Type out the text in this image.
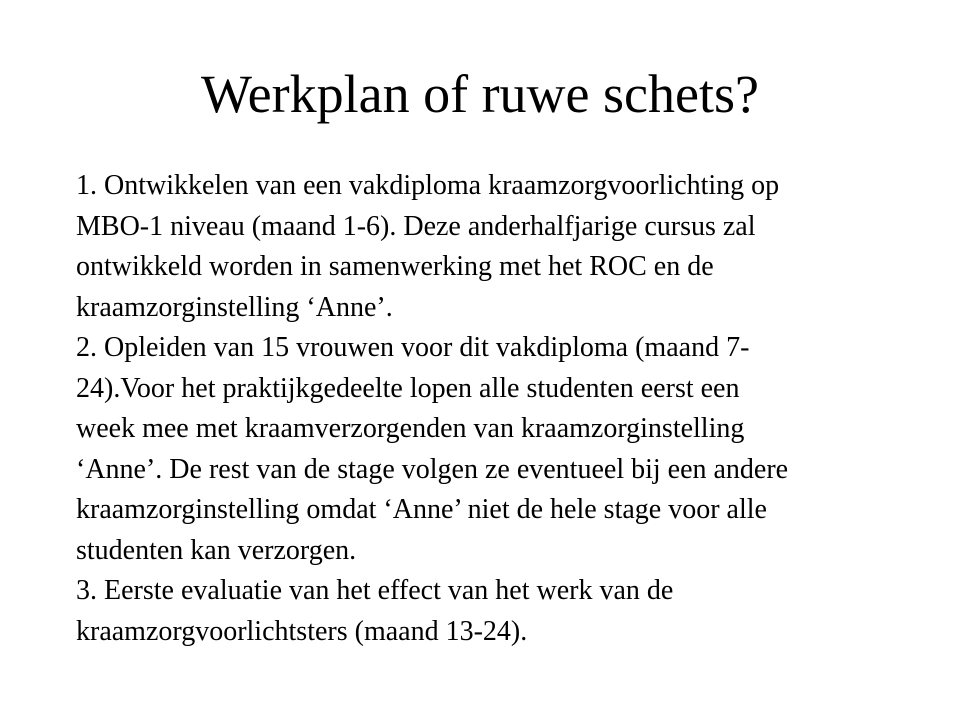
Werkplan of ruwe schets?
1. Ontwikkelen van een vakdiploma kraamzorgvoorlichting op
MBO-1 niveau (maand 1-6). Deze anderhalfjarige cursus zal
ontwikkeld worden in samenwerking met het ROC en de
kraamzorginstelling ‘Anne’.
2. Opleiden van 15 vrouwen voor dit vakdiploma (maand 7-
24).Voor het praktijkgedeelte lopen alle studenten eerst een
week mee met kraamverzorgenden van kraamzorginstelling
‘Anne’. De rest van de stage volgen ze eventueel bij een andere
kraamzorginstelling omdat ‘Anne’ niet de hele stage voor alle
studenten kan verzorgen.
3. Eerste evaluatie van het effect van het werk van de
kraamzorgvoorlichtsters (maand 13-24).
